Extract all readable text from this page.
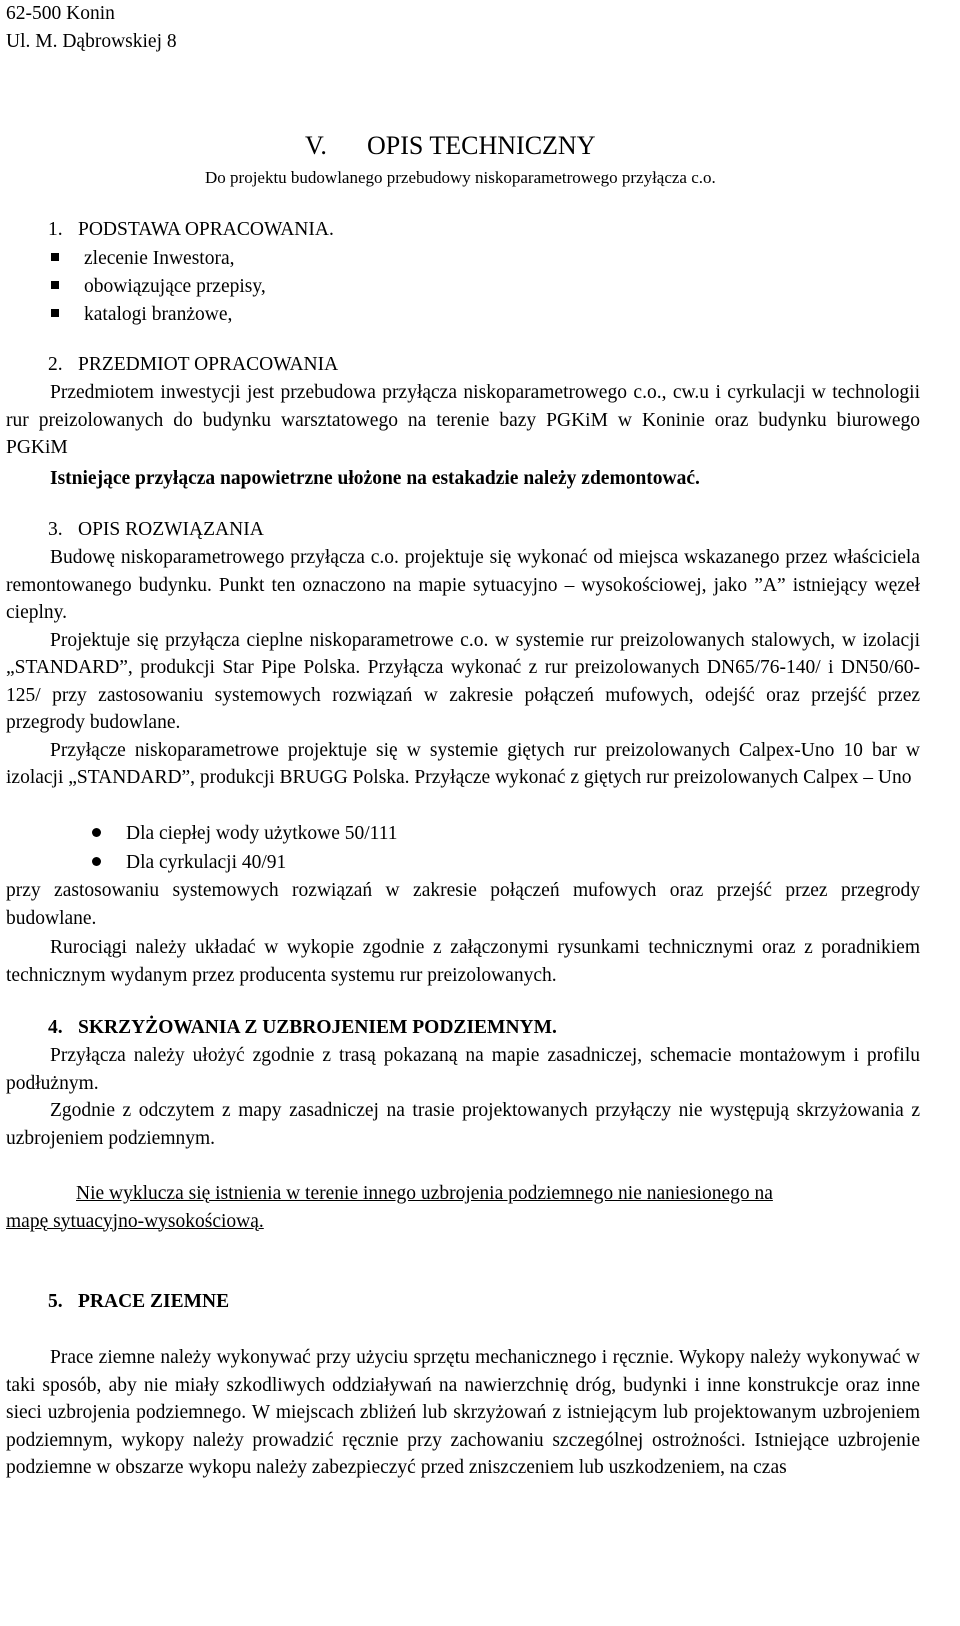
62-500 Konin
Ul. M. Dąbrowskiej 8
V. OPIS TECHNICZNY
Do projektu budowlanego przebudowy niskoparametrowego przyłącza c.o.
1. PODSTAWA OPRACOWANIA.
zlecenie Inwestora,
obowiązujące przepisy,
katalogi branżowe,
2. PRZEDMIOT OPRACOWANIA

Przedmiotem inwestycji jest przebudowa przyłącza niskoparametrowego c.o., cw.u i cyrkulacji w technologii rur preizolowanych do budynku warsztatowego na terenie bazy PGKiM w Koninie oraz budynku biurowego PGKiM

Istniejące przyłącza napowietrzne ułożone na estakadzie należy zdemontować.

3. OPIS ROZWIĄZANIA

Budowę niskoparametrowego przyłącza c.o. projektuje się wykonać od miejsca wskazanego przez właściciela remontowanego budynku. Punkt ten oznaczono na mapie sytuacyjno – wysokościowej, jako ”A” istniejący węzeł cieplny.

Projektuje się przyłącza cieplne niskoparametrowe c.o. w systemie rur preizolowanych stalowych, w izolacji „STANDARD”, produkcji Star Pipe Polska. Przyłącza wykonać z rur preizolowanych DN65/76-140/ i DN50/60-125/ przy zastosowaniu systemowych rozwiązań w zakresie połączeń mufowych, odejść oraz przejść przez przegrody budowlane.

Przyłącze niskoparametrowe projektuje się w systemie giętych rur preizolowanych Calpex-Uno 10 bar w izolacji „STANDARD”, produkcji BRUGG Polska. Przyłącze wykonać z giętych rur preizolowanych Calpex – Uno

Dla ciepłej wody użytkowe 50/111
Dla cyrkulacji 40/91

przy zastosowaniu systemowych rozwiązań w zakresie połączeń mufowych oraz przejść przez przegrody budowlane.

Rurociągi należy układać w wykopie zgodnie z załączonymi rysunkami technicznymi oraz z poradnikiem technicznym wydanym przez producenta systemu rur preizolowanych.

4. SKRZYŻOWANIA Z UZBROJENIEM PODZIEMNYM.

Przyłącza należy ułożyć zgodnie z trasą pokazaną na mapie zasadniczej, schemacie montażowym i profilu podłużnym.

Zgodnie z odczytem z mapy zasadniczej na trasie projektowanych przyłączy nie występują skrzyżowania z uzbrojeniem podziemnym.

Nie wyklucza się istnienia w terenie innego uzbrojenia podziemnego nie naniesionego na mapę sytuacyjno-wysokościową.

5. PRACE ZIEMNE

Prace ziemne należy wykonywać przy użyciu sprzętu mechanicznego i ręcznie. Wykopy należy wykonywać w taki sposób, aby nie miały szkodliwych oddziaływań na nawierzchnię dróg, budynki i inne konstrukcje oraz inne sieci uzbrojenia podziemnego. W miejscach zbliżeń lub skrzyżowań z istniejącym lub projektowanym uzbrojeniem podziemnym, wykopy należy prowadzić ręcznie przy zachowaniu szczególnej ostrożności. Istniejące uzbrojenie podziemne w obszarze wykopu należy zabezpieczyć przed zniszczeniem lub uszkodzeniem, na czas
